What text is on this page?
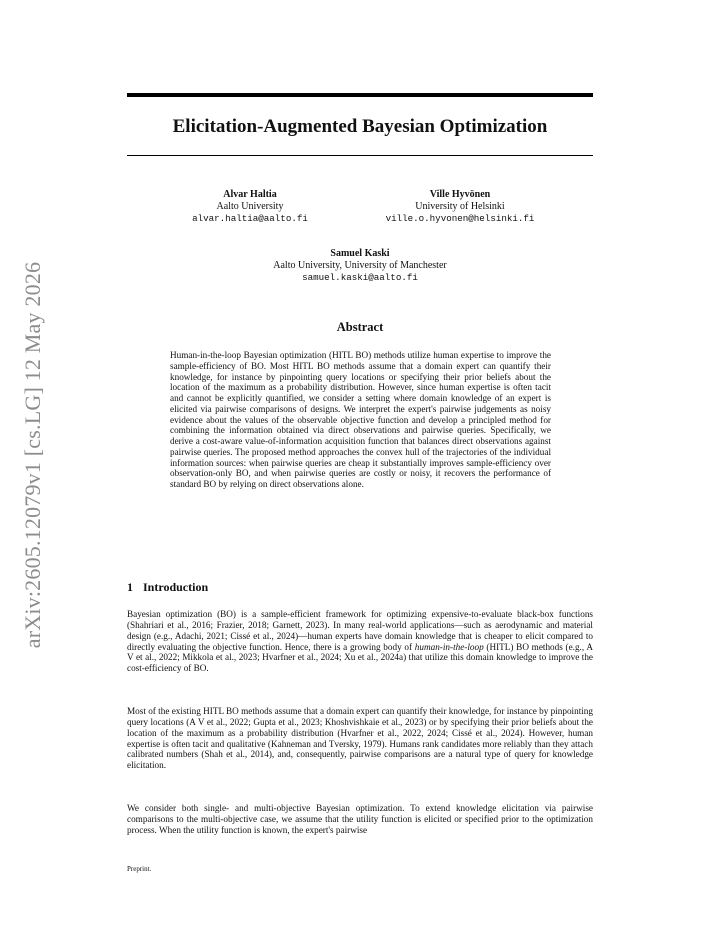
arXiv:2605.12079v1 [cs.LG] 12 May 2026
Elicitation-Augmented Bayesian Optimization
Alvar Haltia
Aalto University
alvar.haltia@aalto.fi
Ville Hyvönen
University of Helsinki
ville.o.hyvonen@helsinki.fi
Samuel Kaski
Aalto University, University of Manchester
samuel.kaski@aalto.fi
Abstract

Human-in-the-loop Bayesian optimization (HITL BO) methods utilize human expertise to improve the sample-efficiency of BO. Most HITL BO methods assume that a domain expert can quantify their knowledge, for instance by pinpointing query locations or specifying their prior beliefs about the location of the maximum as a probability distribution. However, since human expertise is often tacit and cannot be explicitly quantified, we consider a setting where domain knowledge of an expert is elicited via pairwise comparisons of designs. We interpret the expert's pairwise judgements as noisy evidence about the values of the observable objective function and develop a principled method for combining the information obtained via direct observations and pairwise queries. Specifically, we derive a cost-aware value-of-information acquisition function that balances direct observations against pairwise queries. The proposed method approaches the convex hull of the trajectories of the individual information sources: when pairwise queries are cheap it substantially improves sample-efficiency over observation-only BO, and when pairwise queries are costly or noisy, it recovers the performance of standard BO by relying on direct observations alone.

1 Introduction

Bayesian optimization (BO) is a sample-efficient framework for optimizing expensive-to-evaluate black-box functions (Shahriari et al., 2016; Frazier, 2018; Garnett, 2023). In many real-world applications—such as aerodynamic and material design (e.g., Adachi, 2021; Cissé et al., 2024)—human experts have domain knowledge that is cheaper to elicit compared to directly evaluating the objective function. Hence, there is a growing body of human-in-the-loop (HITL) BO methods (e.g., A V et al., 2022; Mikkola et al., 2023; Hvarfner et al., 2024; Xu et al., 2024a) that utilize this domain knowledge to improve the cost-efficiency of BO.

Most of the existing HITL BO methods assume that a domain expert can quantify their knowledge, for instance by pinpointing query locations (A V et al., 2022; Gupta et al., 2023; Khoshvishkaie et al., 2023) or by specifying their prior beliefs about the location of the maximum as a probability distribution (Hvarfner et al., 2022, 2024; Cissé et al., 2024). However, human expertise is often tacit and qualitative (Kahneman and Tversky, 1979). Humans rank candidates more reliably than they attach calibrated numbers (Shah et al., 2014), and, consequently, pairwise comparisons are a natural type of query for knowledge elicitation.

We consider both single- and multi-objective Bayesian optimization. To extend knowledge elicitation via pairwise comparisons to the multi-objective case, we assume that the utility function is elicited or specified prior to the optimization process. When the utility function is known, the expert's pairwise

Preprint.
